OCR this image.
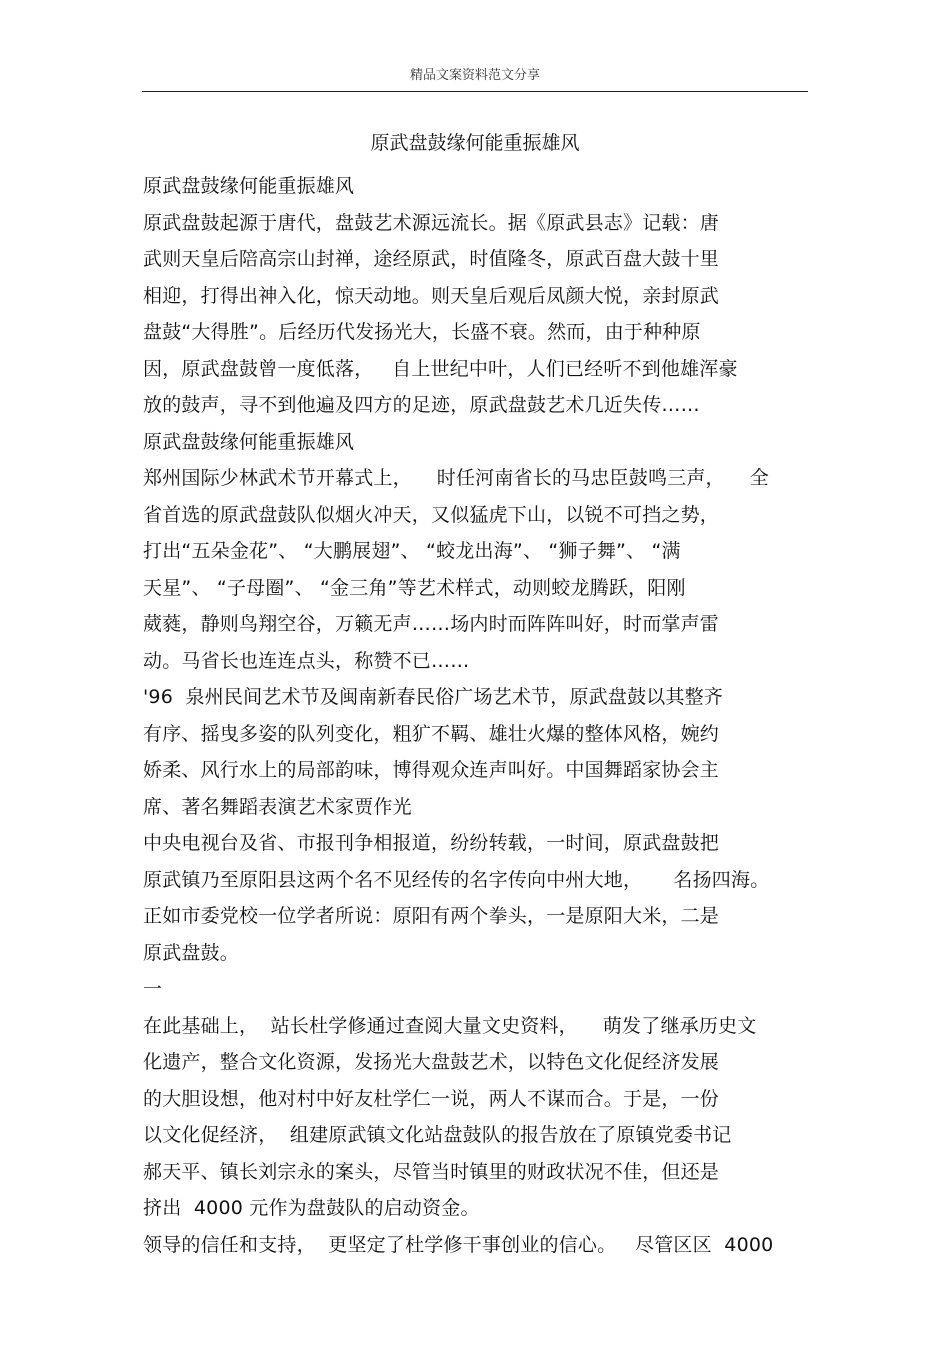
精品文案资料范文分享
原武盘鼓缘何能重振雄风
原武盘鼓缘何能重振雄风
原武盘鼓起源于唐代，盘鼓艺术源远流长。据《原武县志》记载：唐
武则天皇后陪高宗山封禅，途经原武，时值隆冬，原武百盘大鼓十里
相迎，打得出神入化，惊天动地。则天皇后观后凤颜大悦，亲封原武
盘鼓“大得胜”。后经历代发扬光大，长盛不衰。然而，由于种种原
因，原武盘鼓曾一度低落，   自上世纪中叶，人们已经听不到他雄浑豪
放的鼓声，寻不到他遍及四方的足迹，原武盘鼓艺术几近失传……
原武盘鼓缘何能重振雄风
郑州国际少林武术节开幕式上，    时任河南省长的马忠臣鼓鸣三声，    全
省首选的原武盘鼓队似烟火冲天，又似猛虎下山，以锐不可挡之势，
打出“五朵金花”、 “大鹏展翅”、 “蛟龙出海”、 “狮子舞”、 “满
天星”、 “子母圈”、 “金三角”等艺术样式，动则蛟龙腾跃，阳刚
葳蕤，静则鸟翔空谷，万籁无声……场内时而阵阵叫好，时而掌声雷
动。马省长也连连点头，称赞不已……
'96  泉州民间艺术节及闽南新春民俗广场艺术节，原武盘鼓以其整齐
有序、摇曳多姿的队列变化，粗犷不羁、雄壮火爆的整体风格，婉约
娇柔、风行水上的局部韵味，博得观众连声叫好。中国舞蹈家协会主
席、著名舞蹈表演艺术家贾作光
中央电视台及省、市报刊争相报道，纷纷转载，一时间，原武盘鼓把
原武镇乃至原阳县这两个名不见经传的名字传向中州大地，     名扬四海。
正如市委党校一位学者所说：原阳有两个拳头，一是原阳大米，二是
原武盘鼓。
一
在此基础上，  站长杜学修通过查阅大量文史资料，    萌发了继承历史文
化遗产，整合文化资源，发扬光大盘鼓艺术，以特色文化促经济发展
的大胆设想，他对村中好友杜学仁一说，两人不谋而合。于是，一份
以文化促经济，  组建原武镇文化站盘鼓队的报告放在了原镇党委书记
郝天平、镇长刘宗永的案头，尽管当时镇里的财政状况不佳，但还是
挤出  4000 元作为盘鼓队的启动资金。
领导的信任和支持，  更坚定了杜学修干事创业的信心。   尽管区区  4000
